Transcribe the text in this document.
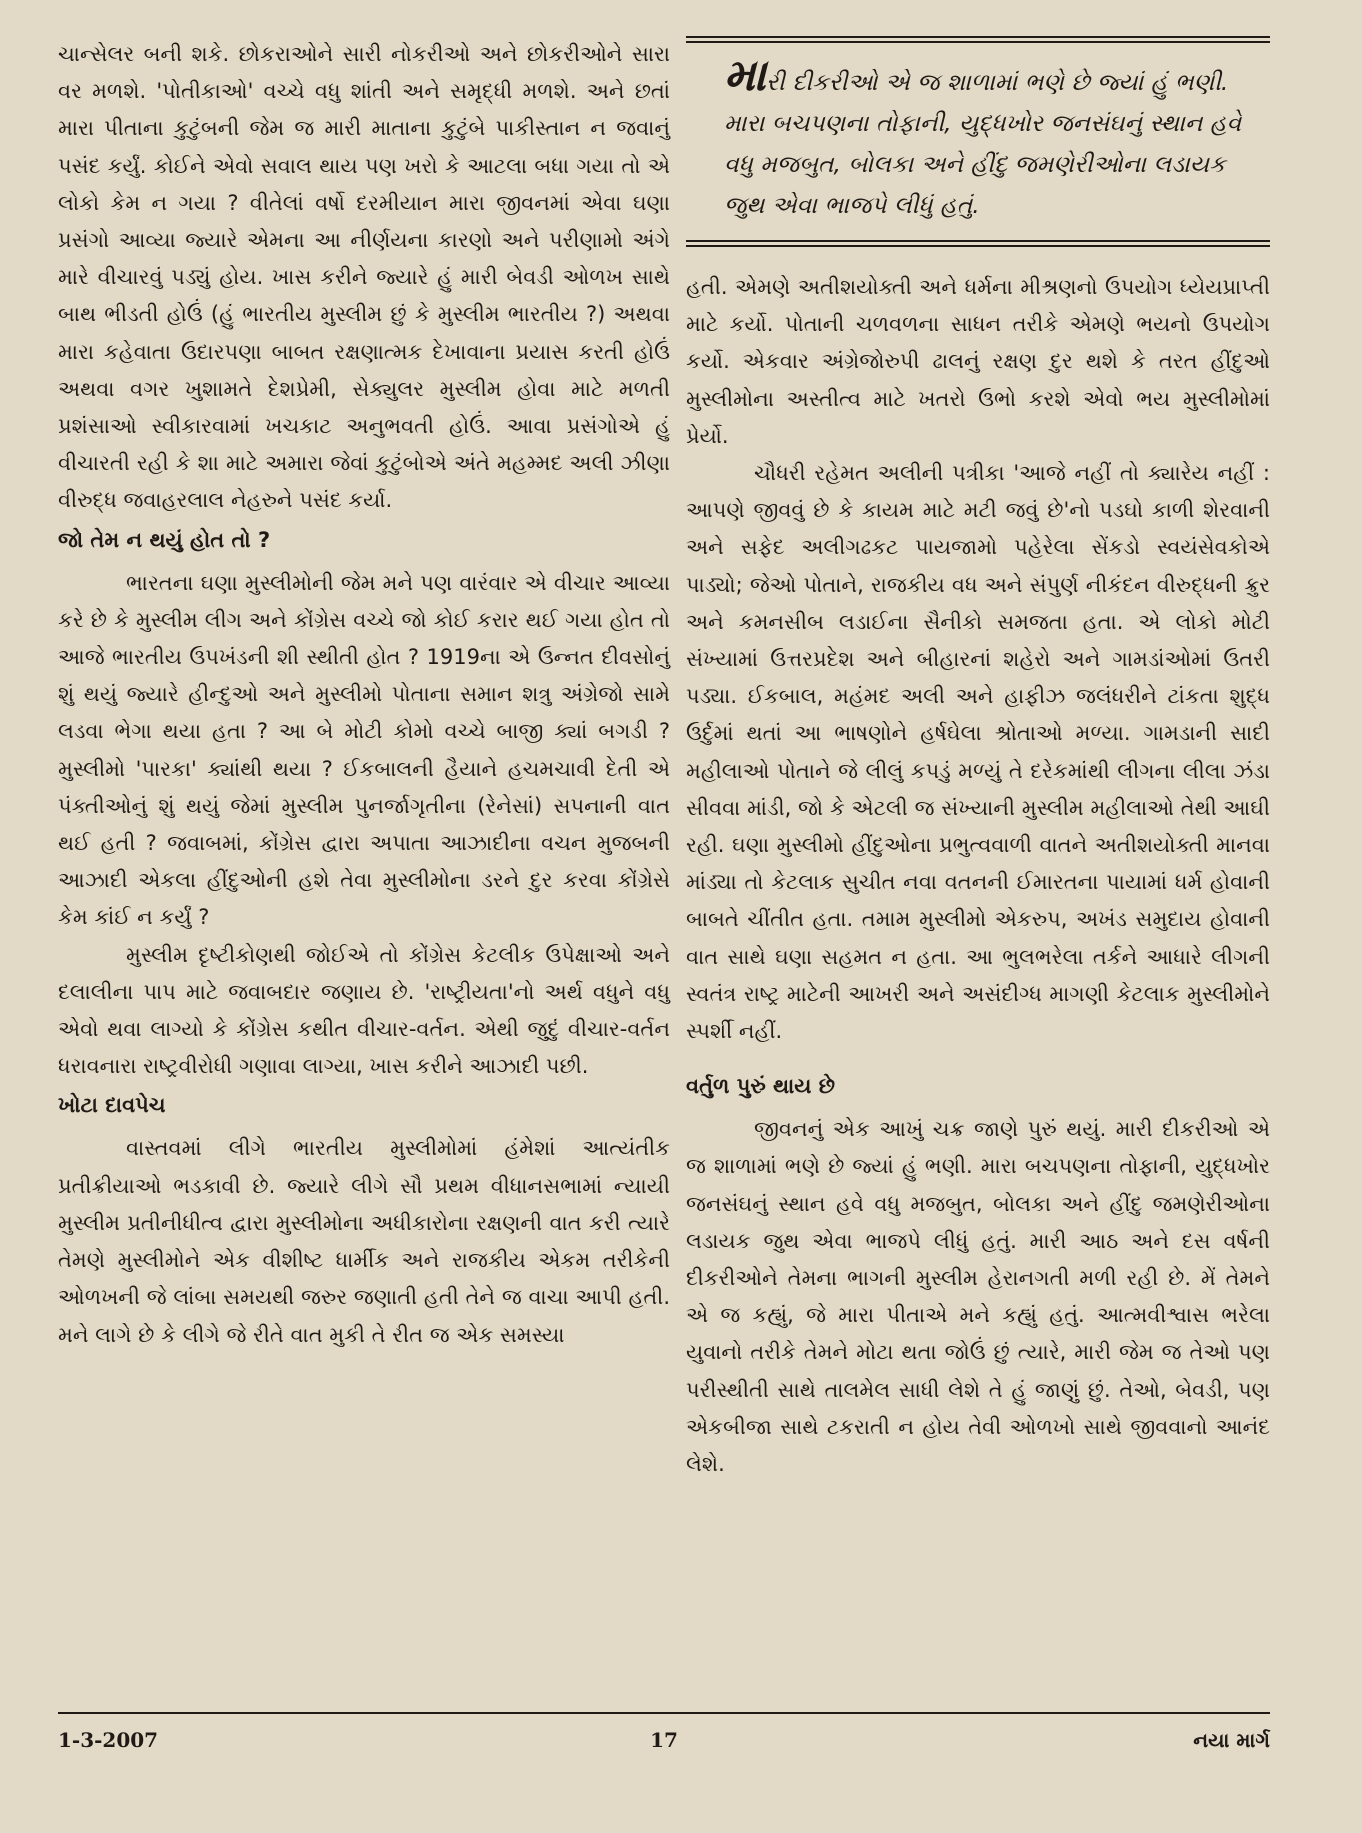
ચાન્સેલર બની શકે. છોકરાઓને સારી નોકરીઓ અને છોકરીઓને સારા વર મળશે. 'પોતીકાઓ' વચ્ચે વધુ શાંતી અને સમૃદ્ધી મળશે. અને છતાં મારા પીતાના કુટુંબની જેમ જ મારી માતાના કુટુંબે પાકીસ્તાન ન જવાનું પસંદ કર્યું. કોઈને એવો સવાલ થાય પણ ખરો કે આટલા બધા ગયા તો એ લોકો કેમ ન ગયા ? વીતેલાં વર્ષો દરમીયાન મારા જીવનમાં એવા ઘણા પ્રસંગો આવ્યા જ્યારે એમના આ નીર્ણયના કારણો અને પરીણામો અંગે મારે વીચારવું પડ્યું હોય. ખાસ કરીને જ્યારે હું મારી બેવડી ઓળખ સાથે બાથ ભીડતી હોઉં (હું ભારતીય મુસ્લીમ છું કે મુસ્લીમ ભારતીય ?) અથવા મારા કહેવાતા ઉદારપણા બાબત રક્ષણાત્મક દેખાવાના પ્રયાસ કરતી હોઉં અથવા વગર ખુશામતે દેશપ્રેમી, સેક્યુલર મુસ્લીમ હોવા માટે મળતી પ્રશંસાઓ સ્વીકારવામાં ખચકાટ અનુભવતી હોઉં. આવા પ્રસંગોએ હું વીચારતી રહી કે શા માટે અમારા જેવાં કુટુંબોએ અંતે મહમ્મદ અલી ઝીણા વીરુદ્ધ જવાહરલાલ નેહરુને પસંદ કર્યા.

જો તેમ ન થયું હોત તો ?

ભારતના ઘણા મુસ્લીમોની જેમ મને પણ વારંવાર એ વીચાર આવ્યા કરે છે કે મુસ્લીમ લીગ અને કોંગ્રેસ વચ્ચે જો કોઈ કરાર થઈ ગયા હોત તો આજે ભારતીય ઉપખંડની શી સ્થીતી હોત ? 1919ના એ ઉન્નત દીવસોનું શું થયું જ્યારે હીન્દુઓ અને મુસ્લીમો પોતાના સમાન શત્રુ અંગ્રેજો સામે લડવા ભેગા થયા હતા ? આ બે મોટી કોમો વચ્ચે બાજી ક્યાં બગડી ? મુસ્લીમો 'પારકા' ક્યાંથી થયા ? ઈકબાલની હૈયાને હચમચાવી દેતી એ પંક્તીઓનું શું થયું જેમાં મુસ્લીમ પુનર્જાગૃતીના (રેનેસાં) સપનાની વાત થઈ હતી ? જવાબમાં, કોંગ્રેસ દ્વારા અપાતા આઝાદીના વચન મુજબની આઝાદી એકલા હીંદુઓની હશે તેવા મુસ્લીમોના ડરને દુર કરવા કોંગ્રેસે કેમ કાંઈ ન કર્યું ?

મુસ્લીમ દૃષ્ટીકોણથી જોઈએ તો કોંગ્રેસ કેટલીક ઉપેક્ષાઓ અને દલાલીના પાપ માટે જવાબદાર જણાય છે. 'રાષ્ટ્રીયતા'નો અર્થ વધુને વધુ એવો થવા લાગ્યો કે કોંગ્રેસ કથીત વીચાર-વર્તન. એથી જુદું વીચાર-વર્તન ધરાવનારા રાષ્ટ્રવીરોધી ગણાવા લાગ્યા, ખાસ કરીને આઝાદી પછી.

ખોટા દાવપેચ

વાસ્તવમાં લીગે ભારતીય મુસ્લીમોમાં હંમેશાં આત્યંતીક પ્રતીક્રીયાઓ ભડકાવી છે. જ્યારે લીગે સૌ પ્રથમ વીધાનસભામાં ન્યાયી મુસ્લીમ પ્રતીનીધીત્વ દ્વારા મુસ્લીમોના અધીકારોના રક્ષણની વાત કરી ત્યારે તેમણે મુસ્લીમોને એક વીશીષ્ટ ધાર્મીક અને રાજકીય એકમ તરીકેની ઓળખની જે લાંબા સમયથી જરુર જણાતી હતી તેને જ વાચા આપી હતી. મને લાગે છે કે લીગે જે રીતે વાત મુકી તે રીત જ એક સમસ્યા

મારી દીકરીઓ એ જ શાળામાં ભણે છે જ્યાં હું ભણી. મારા બચપણના તોફાની, યુદ્ધખોર જનસંઘનું સ્થાન હવે વધુ મજબુત, બોલકા અને હીંદુ જમણેરીઓના લડાયક જુથ એવા ભાજપે લીધું હતું.

હતી. એમણે અતીશયોક્તી અને ધર્મના મીશ્રણનો ઉપયોગ ધ્યેયપ્રાપ્તી માટે કર્યો. પોતાની ચળવળના સાધન તરીકે એમણે ભયનો ઉપયોગ કર્યો. એકવાર અંગ્રેજોરુપી ઢાલનું રક્ષણ દુર થશે કે તરત હીંદુઓ મુસ્લીમોના અસ્તીત્વ માટે ખતરો ઉભો કરશે એવો ભય મુસ્લીમોમાં પ્રેર્યો.

ચૌધરી રહેમત અલીની પત્રીકા 'આજે નહીં તો ક્યારેય નહીં : આપણે જીવવું છે કે કાયમ માટે મટી જવું છે'નો પડઘો કાળી શેરવાની અને સફેદ અલીગઢકટ પાયજામો પહેરેલા સેંકડો સ્વયંસેવકોએ પાડ્યો; જેઓ પોતાને, રાજકીય વધ અને સંપુર્ણ નીકંદન વીરુદ્ધની ક્રુર અને કમનસીબ લડાઈના સૈનીકો સમજતા હતા. એ લોકો મોટી સંખ્યામાં ઉત્તરપ્રદેશ અને બીહારનાં શહેરો અને ગામડાંઓમાં ઉતરી પડ્યા. ઈકબાલ, મહંમદ અલી અને હાફીઝ જલંધરીને ટાંકતા શુદ્ધ ઉર્દુમાં થતાં આ ભાષણોને હર્ષઘેલા શ્રોતાઓ મળ્યા. ગામડાની સાદી મહીલાઓ પોતાને જે લીલું કપડું મળ્યું તે દરેકમાંથી લીગના લીલા ઝંડા સીવવા માંડી, જો કે એટલી જ સંખ્યાની મુસ્લીમ મહીલાઓ તેથી આઘી રહી. ઘણા મુસ્લીમો હીંદુઓના પ્રભુત્વવાળી વાતને અતીશયોક્તી માનવા માંડ્યા તો કેટલાક સુચીત નવા વતનની ઈમારતના પાયામાં ધર્મ હોવાની બાબતે ચીંતીત હતા. તમામ મુસ્લીમો એકરુપ, અખંડ સમુદાય હોવાની વાત સાથે ઘણા સહમત ન હતા. આ ભુલભરેલા તર્કને આધારે લીગની સ્વતંત્ર રાષ્ટ્ર માટેની આખરી અને અસંદીગ્ધ માગણી કેટલાક મુસ્લીમોને સ્પર્શી નહીં.

વર્તુળ પુરું થાય છે

જીવનનું એક આખું ચક્ર જાણે પુરું થયું. મારી દીકરીઓ એ જ શાળામાં ભણે છે જ્યાં હું ભણી. મારા બચપણના તોફાની, યુદ્ધખોર જનસંઘનું સ્થાન હવે વધુ મજબુત, બોલકા અને હીંદુ જમણેરીઓના લડાયક જુથ એવા ભાજપે લીધું હતું. મારી આઠ અને દસ વર્ષની દીકરીઓને તેમના ભાગની મુસ્લીમ હેરાનગતી મળી રહી છે. મેં તેમને એ જ કહ્યું, જે મારા પીતાએ મને કહ્યું હતું. આત્મવીશ્વાસ ભરેલા યુવાનો તરીકે તેમને મોટા થતા જોઉં છું ત્યારે, મારી જેમ જ તેઓ પણ પરીસ્થીતી સાથે તાલમેલ સાધી લેશે તે હું જાણું છું. તેઓ, બેવડી, પણ એકબીજા સાથે ટકરાતી ન હોય તેવી ઓળખો સાથે જીવવાનો આનંદ લેશે.

1-3-2007	17	નયા માર્ગ
